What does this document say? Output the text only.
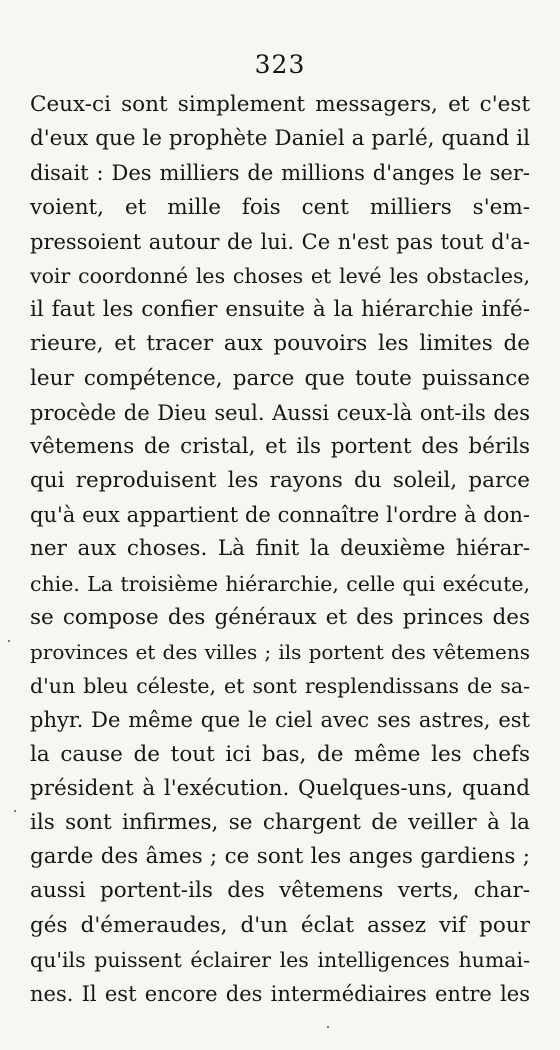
323
Ceux-ci sont simplement messagers, et c'est
d'eux que le prophète Daniel a parlé, quand il
disait : Des milliers de millions d'anges le ser-
voient, et mille fois cent milliers s'em-
pressoient autour de lui. Ce n'est pas tout d'a-
voir coordonné les choses et levé les obstacles,
il faut les confier ensuite à la hiérarchie infé-
rieure, et tracer aux pouvoirs les limites de
leur compétence, parce que toute puissance
procède de Dieu seul. Aussi ceux-là ont-ils des
vêtemens de cristal, et ils portent des bérils
qui reproduisent les rayons du soleil, parce
qu'à eux appartient de connaître l'ordre à don-
ner aux choses. Là finit la deuxième hiérar-
chie. La troisième hiérarchie, celle qui exécute,
se compose des généraux et des princes des
provinces et des villes ; ils portent des vêtemens
d'un bleu céleste, et sont resplendissans de sa-
phyr. De même que le ciel avec ses astres, est
la cause de tout ici bas, de même les chefs
président à l'exécution. Quelques-uns, quand
ils sont infirmes, se chargent de veiller à la
garde des âmes ; ce sont les anges gardiens ;
aussi portent-ils des vêtemens verts, char-
gés d'émeraudes, d'un éclat assez vif pour
qu'ils puissent éclairer les intelligences humai-
nes. Il est encore des intermédiaires entre les
